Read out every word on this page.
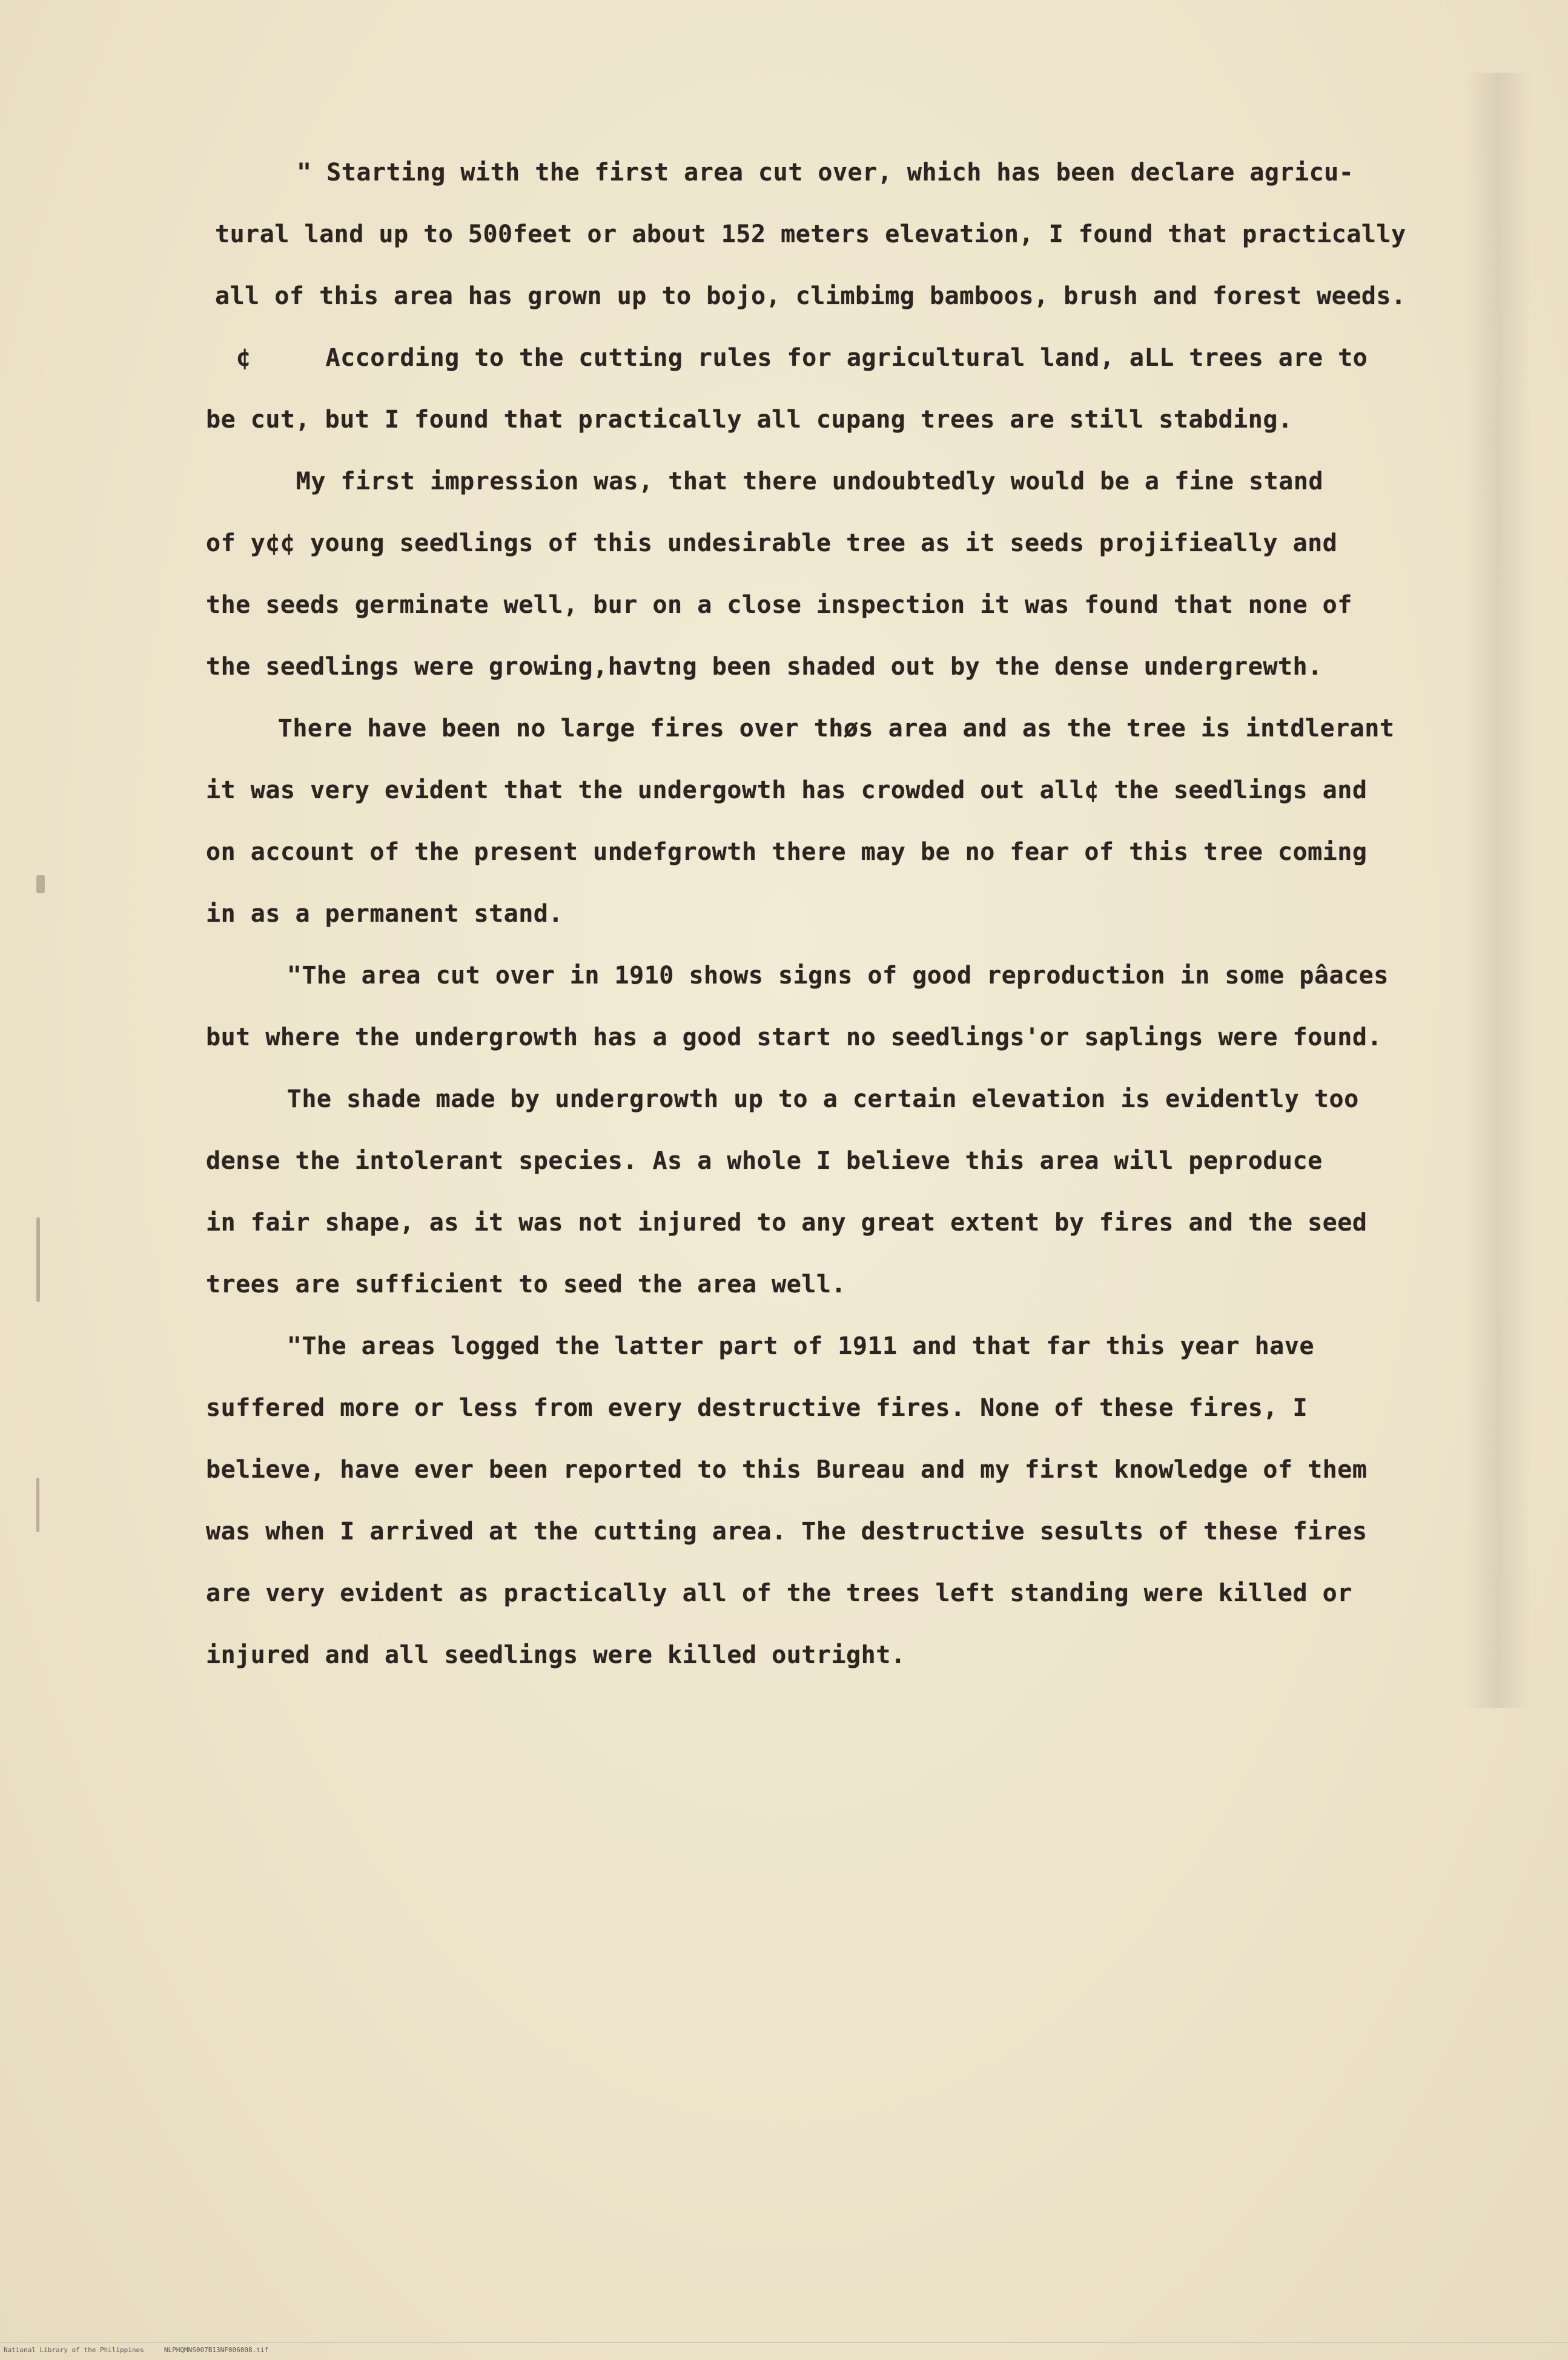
" Starting with the first area cut over, which has been declare agricu-
tural land up to 500feet or about 152 meters elevation, I found that practically
all of this area has grown up to bojo, climbimg bamboos, brush and forest weeds.
¢     According to the cutting rules for agricultural land, aLL trees are to
be cut, but I found that practically all cupang trees are still stabding.
My first impression was, that there undoubtedly would be a fine stand
of y¢¢ young seedlings of this undesirable tree as it seeds projifieally and
the seeds germinate well, bur on a close inspection it was found that none of
the seedlings were growing,havtng been shaded out by the dense undergrewth.
There have been no large fires over thøs area and as the tree is intdlerant
it was very evident that the undergowth has crowded out all¢ the seedlings and
on account of the present undefgrowth there may be no fear of this tree coming
in as a permanent stand.
"The area cut over in 1910 shows signs of good reproduction in some pâaces
but where the undergrowth has a good start no seedlings'or saplings were found.
The shade made by undergrowth up to a certain elevation is evidently too
dense the intolerant species. As a whole I believe this area will peproduce
in fair shape, as it was not injured to any great extent by fires and the seed
trees are sufficient to seed the area well.
"The areas logged the latter part of 1911 and that far this year have
suffered more or less from every destructive fires. None of these fires, I
believe, have ever been reported to this Bureau and my first knowledge of them
was when I arrived at the cutting area. The destructive sesults of these fires
are very evident as practically all of the trees left standing were killed or
injured and all seedlings were killed outright.
National Library of the Philippines     NLPHQMNS007B13NF006008.tif
